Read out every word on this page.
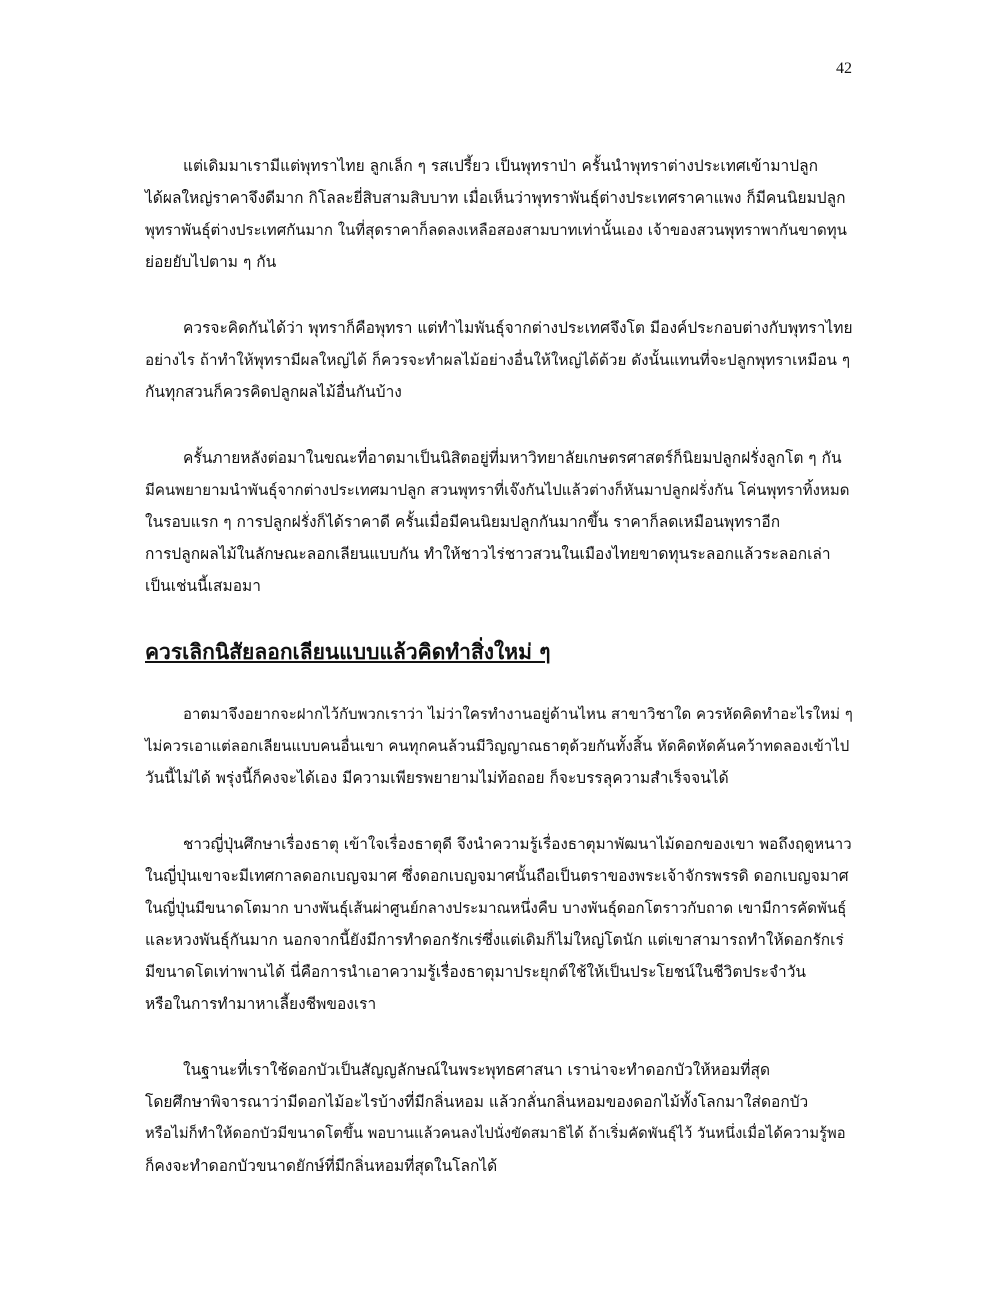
42
แต่เดิมมาเรามีแต่พุทราไทย ลูกเล็ก ๆ รสเปรี้ยว เป็นพุทราป่า ครั้นนำพุทราต่างประเทศเข้ามาปลูก
ได้ผลใหญ่ราคาจึงดีมาก กิโลละยี่สิบสามสิบบาท เมื่อเห็นว่าพุทราพันธุ์ต่างประเทศราคาแพง ก็มีคนนิยมปลูก
พุทราพันธุ์ต่างประเทศกันมาก ในที่สุดราคาก็ลดลงเหลือสองสามบาทเท่านั้นเอง เจ้าของสวนพุทราพากันขาดทุน
ย่อยยับไปตาม ๆ กัน
ควรจะคิดกันได้ว่า พุทราก็คือพุทรา แต่ทำไมพันธุ์จากต่างประเทศจึงโต มีองค์ประกอบต่างกับพุทราไทย
อย่างไร ถ้าทำให้พุทรามีผลใหญ่ได้ ก็ควรจะทำผลไม้อย่างอื่นให้ใหญ่ได้ด้วย ดังนั้นแทนที่จะปลูกพุทราเหมือน ๆ
กันทุกสวนก็ควรคิดปลูกผลไม้อื่นกันบ้าง
ครั้นภายหลังต่อมาในขณะที่อาตมาเป็นนิสิตอยู่ที่มหาวิทยาลัยเกษตรศาสตร์ก็นิยมปลูกฝรั่งลูกโต ๆ กัน
มีคนพยายามนำพันธุ์จากต่างประเทศมาปลูก สวนพุทราที่เจ๊งกันไปแล้วต่างก็หันมาปลูกฝรั่งกัน โค่นพุทราทิ้งหมด
ในรอบแรก ๆ การปลูกฝรั่งก็ได้ราคาดี ครั้นเมื่อมีคนนิยมปลูกกันมากขึ้น ราคาก็ลดเหมือนพุทราอีก
การปลูกผลไม้ในลักษณะลอกเลียนแบบกัน ทำให้ชาวไร่ชาวสวนในเมืองไทยขาดทุนระลอกแล้วระลอกเล่า
เป็นเช่นนี้เสมอมา
ควรเลิกนิสัยลอกเลียนแบบแล้วคิดทำสิ่งใหม่ ๆ
อาตมาจึงอยากจะฝากไว้กับพวกเราว่า ไม่ว่าใครทำงานอยู่ด้านไหน สาขาวิชาใด ควรหัดคิดทำอะไรใหม่ ๆ
ไม่ควรเอาแต่ลอกเลียนแบบคนอื่นเขา คนทุกคนล้วนมีวิญญาณธาตุด้วยกันทั้งสิ้น หัดคิดหัดค้นคว้าทดลองเข้าไป
วันนี้ไม่ได้ พรุ่งนี้ก็คงจะได้เอง มีความเพียรพยายามไม่ท้อถอย ก็จะบรรลุความสำเร็จจนได้
ชาวญี่ปุ่นศึกษาเรื่องธาตุ เข้าใจเรื่องธาตุดี จึงนำความรู้เรื่องธาตุมาพัฒนาไม้ดอกของเขา พอถึงฤดูหนาว
ในญี่ปุ่นเขาจะมีเทศกาลดอกเบญจมาศ ซึ่งดอกเบญจมาศนั้นถือเป็นตราของพระเจ้าจักรพรรดิ ดอกเบญจมาศ
ในญี่ปุ่นมีขนาดโตมาก บางพันธุ์เส้นผ่าศูนย์กลางประมาณหนึ่งคืบ บางพันธุ์ดอกโตราวกับถาด เขามีการคัดพันธุ์
และหวงพันธุ์กันมาก นอกจากนี้ยังมีการทำดอกรักเร่ซึ่งแต่เดิมก็ไม่ใหญ่โตนัก แต่เขาสามารถทำให้ดอกรักเร่
มีขนาดโตเท่าพานได้ นี่คือการนำเอาความรู้เรื่องธาตุมาประยุกต์ใช้ให้เป็นประโยชน์ในชีวิตประจำวัน
หรือในการทำมาหาเลี้ยงชีพของเรา
ในฐานะที่เราใช้ดอกบัวเป็นสัญญลักษณ์ในพระพุทธศาสนา เราน่าจะทำดอกบัวให้หอมที่สุด
โดยศึกษาพิจารณาว่ามีดอกไม้อะไรบ้างที่มีกลิ่นหอม แล้วกลั่นกลิ่นหอมของดอกไม้ทั้งโลกมาใส่ดอกบัว
หรือไม่ก็ทำให้ดอกบัวมีขนาดโตขึ้น พอบานแล้วคนลงไปนั่งขัดสมาธิได้ ถ้าเริ่มคัดพันธุ์ไว้ วันหนึ่งเมื่อได้ความรู้พอ
ก็คงจะทำดอกบัวขนาดยักษ์ที่มีกลิ่นหอมที่สุดในโลกได้
